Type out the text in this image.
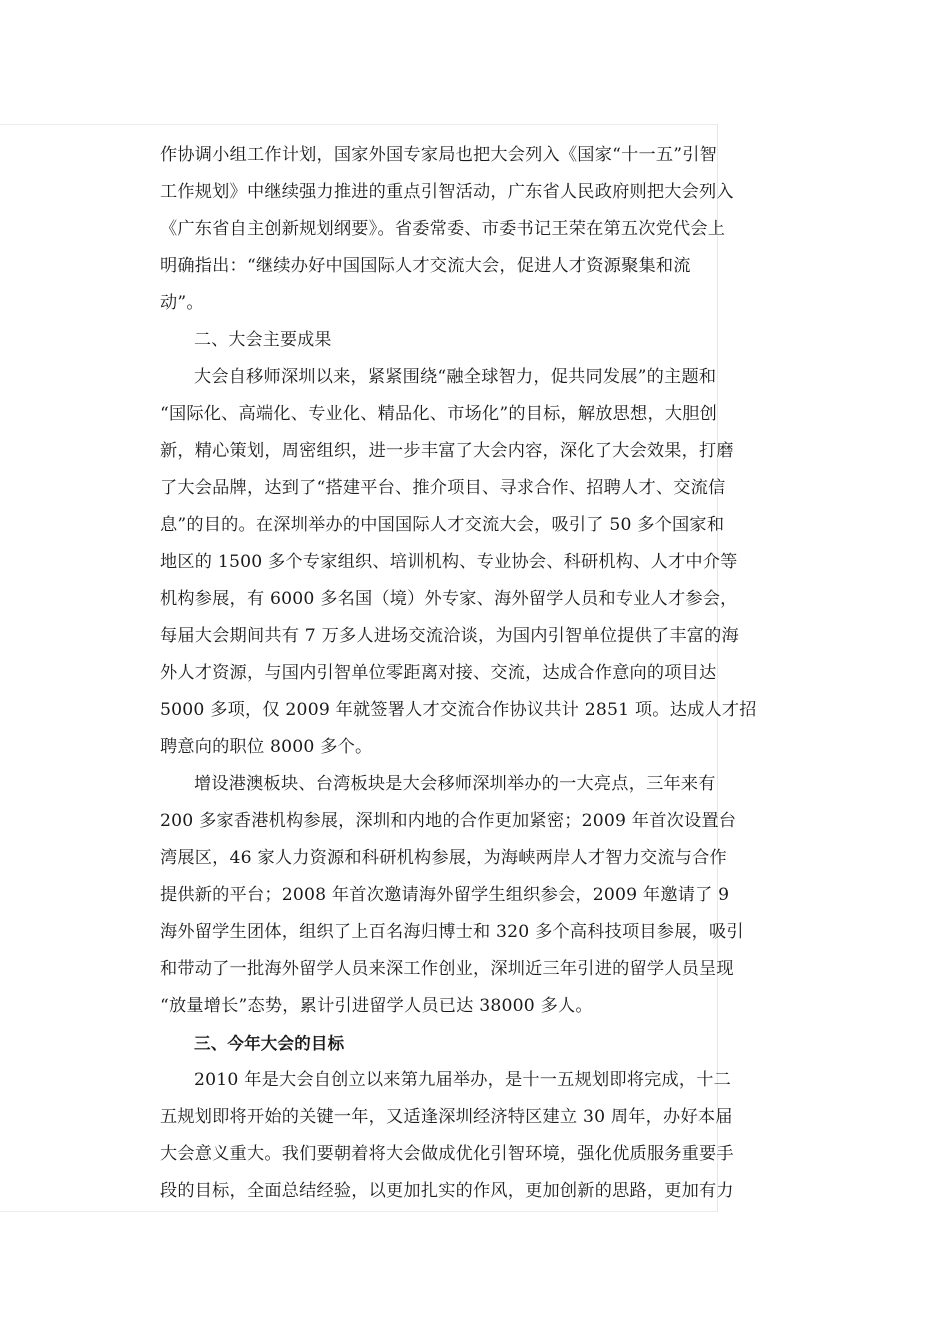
作协调小组工作计划，国家外国专家局也把大会列入《国家“十一五”引智
工作规划》中继续强力推进的重点引智活动，广东省人民政府则把大会列入
《广东省自主创新规划纲要》。省委常委、市委书记王荣在第五次党代会上
明确指出：“继续办好中国国际人才交流大会，促进人才资源聚集和流
动”。
二、大会主要成果
大会自移师深圳以来，紧紧围绕“融全球智力，促共同发展”的主题和
“国际化、高端化、专业化、精品化、市场化”的目标，解放思想，大胆创
新，精心策划，周密组织，进一步丰富了大会内容，深化了大会效果，打磨
了大会品牌，达到了“搭建平台、推介项目、寻求合作、招聘人才、交流信
息”的目的。在深圳举办的中国国际人才交流大会，吸引了 50 多个国家和
地区的 1500 多个专家组织、培训机构、专业协会、科研机构、人才中介等
机构参展，有 6000 多名国（境）外专家、海外留学人员和专业人才参会，
每届大会期间共有 7 万多人进场交流洽谈，为国内引智单位提供了丰富的海
外人才资源，与国内引智单位零距离对接、交流，达成合作意向的项目达
5000 多项，仅 2009 年就签署人才交流合作协议共计 2851 项。达成人才招
聘意向的职位 8000 多个。
增设港澳板块、台湾板块是大会移师深圳举办的一大亮点，三年来有
200 多家香港机构参展，深圳和内地的合作更加紧密；2009 年首次设置台
湾展区，46 家人力资源和科研机构参展，为海峡两岸人才智力交流与合作
提供新的平台；2008 年首次邀请海外留学生组织参会，2009 年邀请了 9
海外留学生团体，组织了上百名海归博士和 320 多个高科技项目参展，吸引
和带动了一批海外留学人员来深工作创业，深圳近三年引进的留学人员呈现
“放量增长”态势，累计引进留学人员已达 38000 多人。
三、今年大会的目标
2010 年是大会自创立以来第九届举办，是十一五规划即将完成，十二
五规划即将开始的关键一年，又适逢深圳经济特区建立 30 周年，办好本届
大会意义重大。我们要朝着将大会做成优化引智环境，强化优质服务重要手
段的目标，全面总结经验，以更加扎实的作风，更加创新的思路，更加有力
